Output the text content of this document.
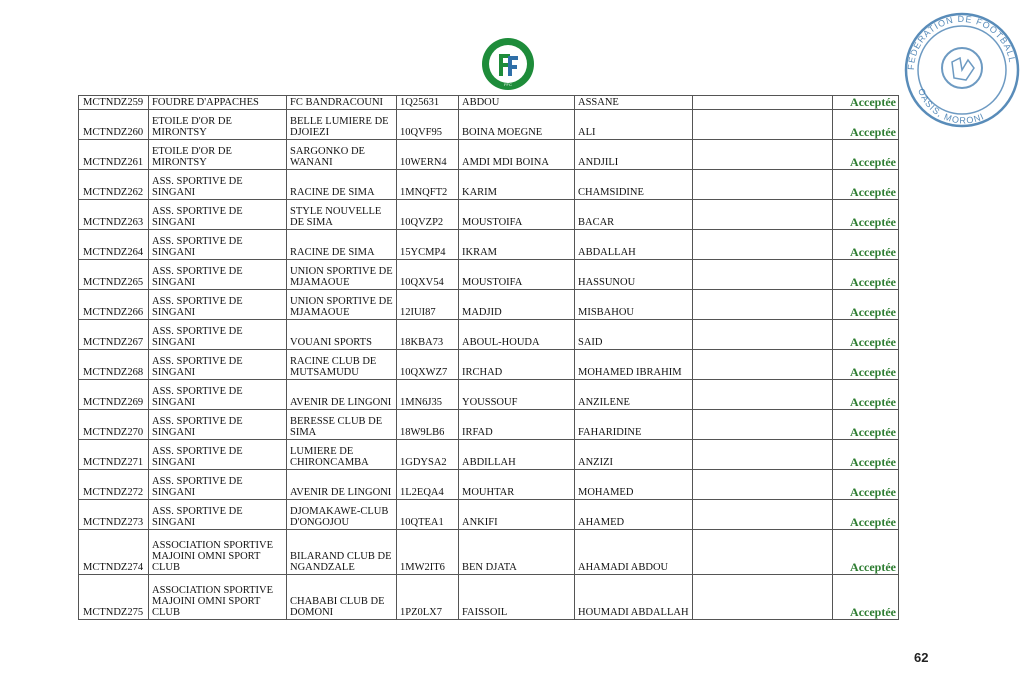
FFC
FEDERATION DE FOOTBALL
OASIS, MORONI
MCTNDZ259	FOUDRE D'APPACHES	FC BANDRACOUNI	1Q25631	ABDOU	ASSANE		Acceptée
MCTNDZ260	ETOILE D'OR DE MIRONTSY	BELLE LUMIERE DE DJOIEZI	10QVF95	BOINA MOEGNE	ALI		Acceptée
MCTNDZ261	ETOILE D'OR DE MIRONTSY	SARGONKO DE WANANI	10WERN4	AMDI MDI BOINA	ANDJILI		Acceptée
MCTNDZ262	ASS. SPORTIVE DE SINGANI	RACINE DE SIMA	1MNQFT2	KARIM	CHAMSIDINE		Acceptée
MCTNDZ263	ASS. SPORTIVE DE SINGANI	STYLE NOUVELLE DE SIMA	10QVZP2	MOUSTOIFA	BACAR		Acceptée
MCTNDZ264	ASS. SPORTIVE DE SINGANI	RACINE DE SIMA	15YCMP4	IKRAM	ABDALLAH		Acceptée
MCTNDZ265	ASS. SPORTIVE DE SINGANI	UNION SPORTIVE DE MJAMAOUE	10QXV54	MOUSTOIFA	HASSUNOU		Acceptée
MCTNDZ266	ASS. SPORTIVE DE SINGANI	UNION SPORTIVE DE MJAMAOUE	12IUI87	MADJID	MISBAHOU		Acceptée
MCTNDZ267	ASS. SPORTIVE DE SINGANI	VOUANI SPORTS	18KBA73	ABOUL-HOUDA	SAID		Acceptée
MCTNDZ268	ASS. SPORTIVE DE SINGANI	RACINE CLUB DE MUTSAMUDU	10QXWZ7	IRCHAD	MOHAMED IBRAHIM		Acceptée
MCTNDZ269	ASS. SPORTIVE DE SINGANI	AVENIR DE LINGONI	1MN6J35	YOUSSOUF	ANZILENE		Acceptée
MCTNDZ270	ASS. SPORTIVE DE SINGANI	BERESSE CLUB DE SIMA	18W9LB6	IRFAD	FAHARIDINE		Acceptée
MCTNDZ271	ASS. SPORTIVE DE SINGANI	LUMIERE DE CHIRONCAMBA	1GDYSA2	ABDILLAH	ANZIZI		Acceptée
MCTNDZ272	ASS. SPORTIVE DE SINGANI	AVENIR DE LINGONI	1L2EQA4	MOUHTAR	MOHAMED		Acceptée
MCTNDZ273	ASS. SPORTIVE DE SINGANI	DJOMAKAWE-CLUB D'ONGOJOU	10QTEA1	ANKIFI	AHAMED		Acceptée
MCTNDZ274	ASSOCIATION SPORTIVE MAJOINI OMNI SPORT CLUB	BILARAND CLUB DE NGANDZALE	1MW2IT6	BEN DJATA	AHAMADI ABDOU		Acceptée
MCTNDZ275	ASSOCIATION SPORTIVE MAJOINI OMNI SPORT CLUB	CHABABI CLUB DE DOMONI	1PZ0LX7	FAISSOIL	HOUMADI ABDALLAH		Acceptée
62
